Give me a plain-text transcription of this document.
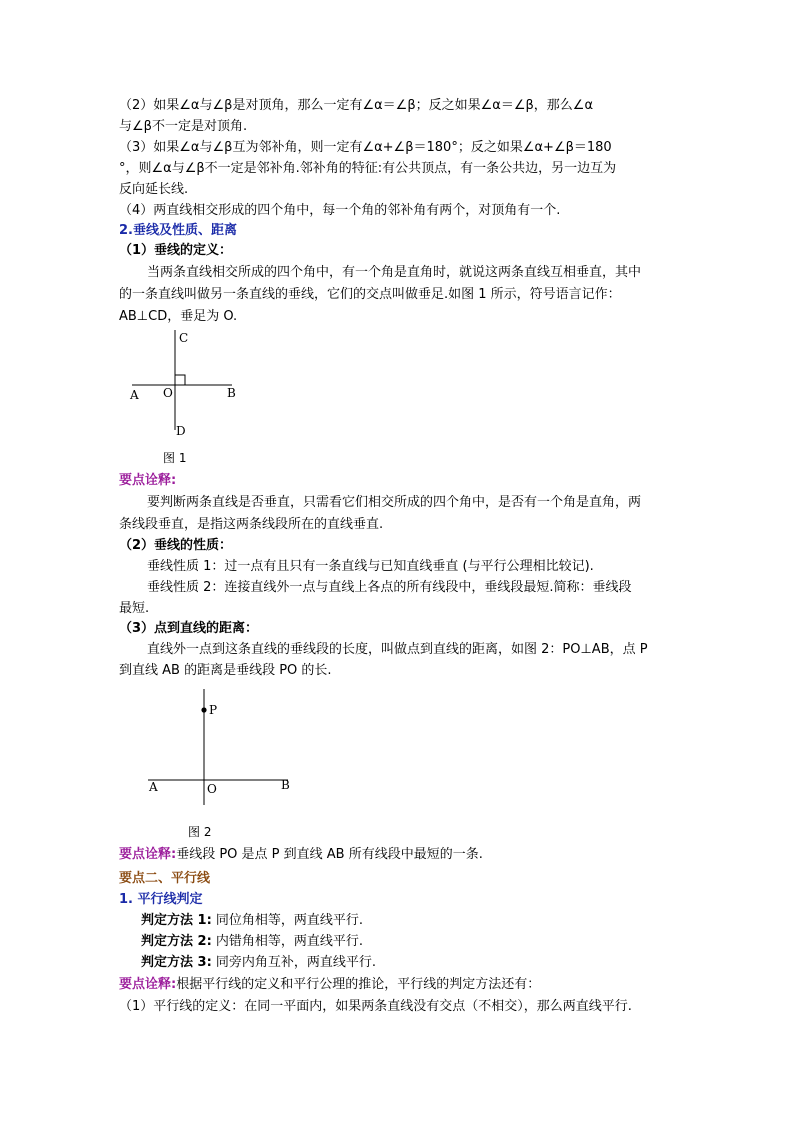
（2）如果∠α与∠β是对顶角，那么一定有∠α＝∠β；反之如果∠α＝∠β，那么∠α
与∠β不一定是对顶角.
（3）如果∠α与∠β互为邻补角，则一定有∠α+∠β＝180°；反之如果∠α+∠β＝180
°，则∠α与∠β不一定是邻补角.邻补角的特征:有公共顶点，有一条公共边，另一边互为
反向延长线.
（4）两直线相交形成的四个角中，每一个角的邻补角有两个，对顶角有一个.
2.垂线及性质、距离
（1）垂线的定义：
当两条直线相交所成的四个角中，有一个角是直角时，就说这两条直线互相垂直，其中
的一条直线叫做另一条直线的垂线，它们的交点叫做垂足.如图 1 所示，符号语言记作：
AB⊥CD，垂足为 O.
C
A O	B
D
图 1
要点诠释:
要判断两条直线是否垂直，只需看它们相交所成的四个角中，是否有一个角是直角，两
条线段垂直，是指这两条线段所在的直线垂直.
（2）垂线的性质：
垂线性质 1：过一点有且只有一条直线与已知直线垂直 (与平行公理相比较记).
垂线性质 2：连接直线外一点与直线上各点的所有线段中，垂线段最短.简称：垂线段
最短.
（3）点到直线的距离：
直线外一点到这条直线的垂线段的长度，叫做点到直线的距离，如图 2：PO⊥AB，点 P
到直线 AB 的距离是垂线段 PO 的长.
P
A	O	B
图 2
要点诠释:垂线段 PO 是点 P 到直线 AB 所有线段中最短的一条.
要点二、平行线
1. 平行线判定
判定方法 1: 同位角相等，两直线平行.
判定方法 2: 内错角相等，两直线平行.
判定方法 3: 同旁内角互补，两直线平行.
要点诠释:根据平行线的定义和平行公理的推论，平行线的判定方法还有：
（1）平行线的定义：在同一平面内，如果两条直线没有交点（不相交），那么两直线平行.
